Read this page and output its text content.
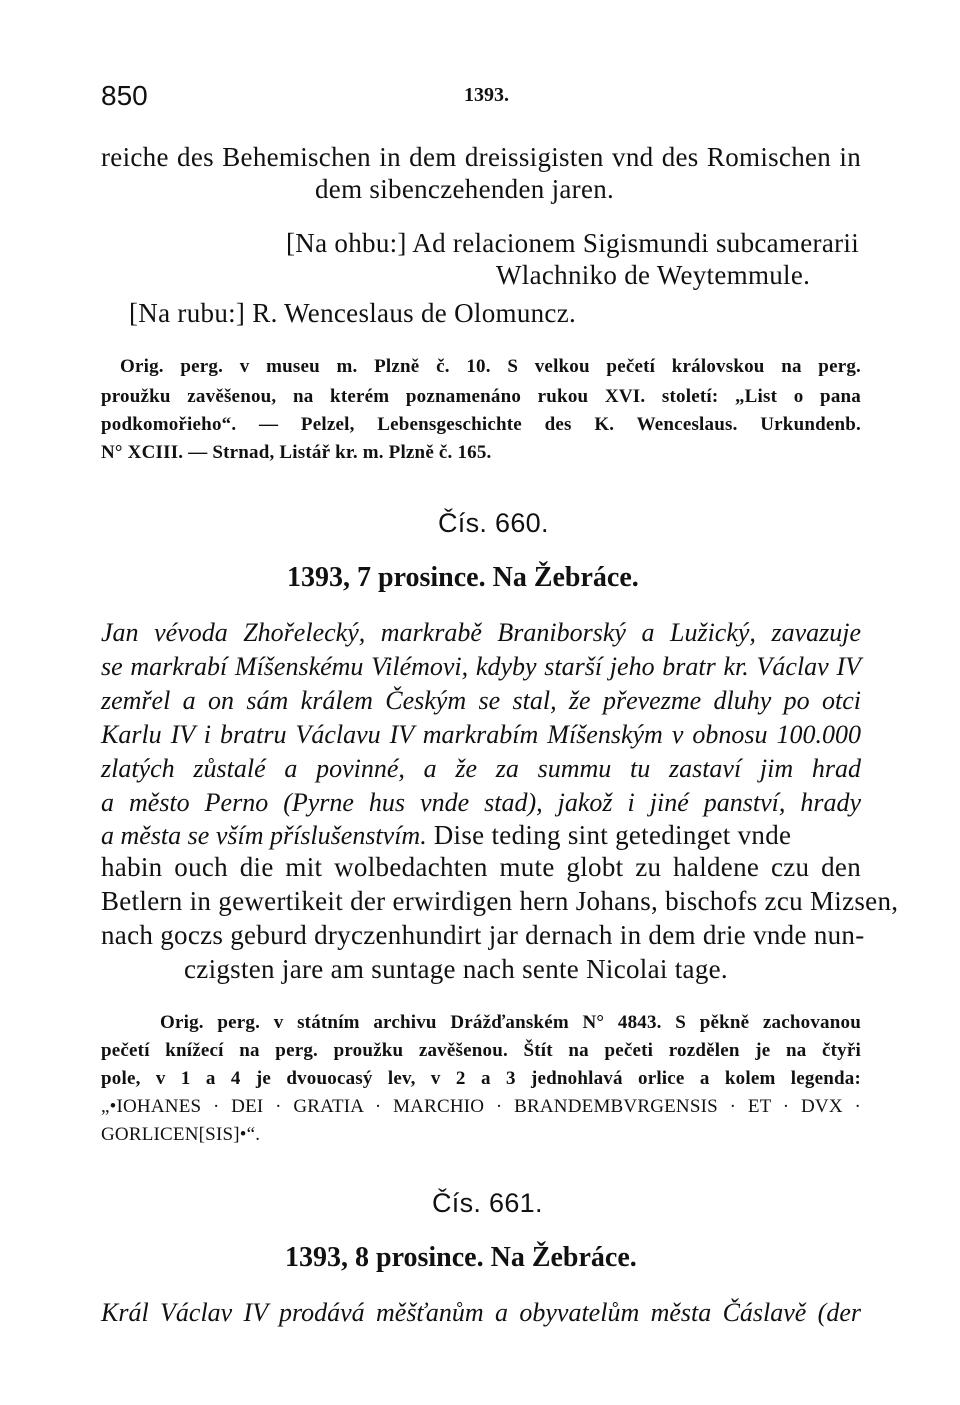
850	1393.
reiche des Behemischen in dem dreissigisten vnd des Romischen in
dem sibenczehenden jaren.
[Na ohbu:] Ad relacionem Sigismundi subcamerarii
Wlachniko de Weytemmule.
[Na rubu:] R. Wenceslaus de Olomuncz.
Orig. perg. v museu m. Plzně č. 10. S velkou pečetí královskou na perg.
proužku zavěšenou, na kterém poznamenáno rukou XVI. století: „List o pana
podkomořieho“. — Pelzel, Lebensgeschichte des K. Wenceslaus. Urkundenb.
N° XCIII. — Strnad, Listář kr. m. Plzně č. 165.
Čís. 660.
1393, 7 prosince. Na Žebráce.
Jan vévoda Zhořelecký, markrabě Braniborský a Lužický, zavazuje
se markrabí Míšenskému Vilémovi, kdyby starší jeho bratr kr. Václav IV
zemřel a on sám králem Českým se stal, že převezme dluhy po otci
Karlu IV i bratru Václavu IV markrabím Míšenským v obnosu 100.000
zlatých zůstalé a povinné, a že za summu tu zastaví jim hrad
a město Perno (Pyrne hus vnde stad), jakož i jiné panství, hrady
a města se vším příslušenstvím. Dise teding sint getedinget vnde
habin ouch die mit wolbedachten mute globt zu haldene czu den
Betlern in gewertikeit der erwirdigen hern Johans, bischofs zcu Mizsen,
nach goczs geburd dryczenhundirt jar dernach in dem drie vnde nun-
czigsten jare am suntage nach sente Nicolai tage.
Orig. perg. v státním archivu Drážďanském N° 4843. S pěkně zachovanou
pečetí knížecí na perg. proužku zavěšenou. Štít na pečeti rozdělen je na čtyři
pole, v 1 a 4 je dvouocasý lev, v 2 a 3 jednohlavá orlice a kolem legenda:
„•IOHANES · DEI · GRATIA · MARCHIO · BRANDEMBVRGENSIS · ET · DVX ·
GORLICEN[SIS]•“.
Čís. 661.
1393, 8 prosince. Na Žebráce.
Král Václav IV prodává měšťanům a obyvatelům města Čáslavě (der
